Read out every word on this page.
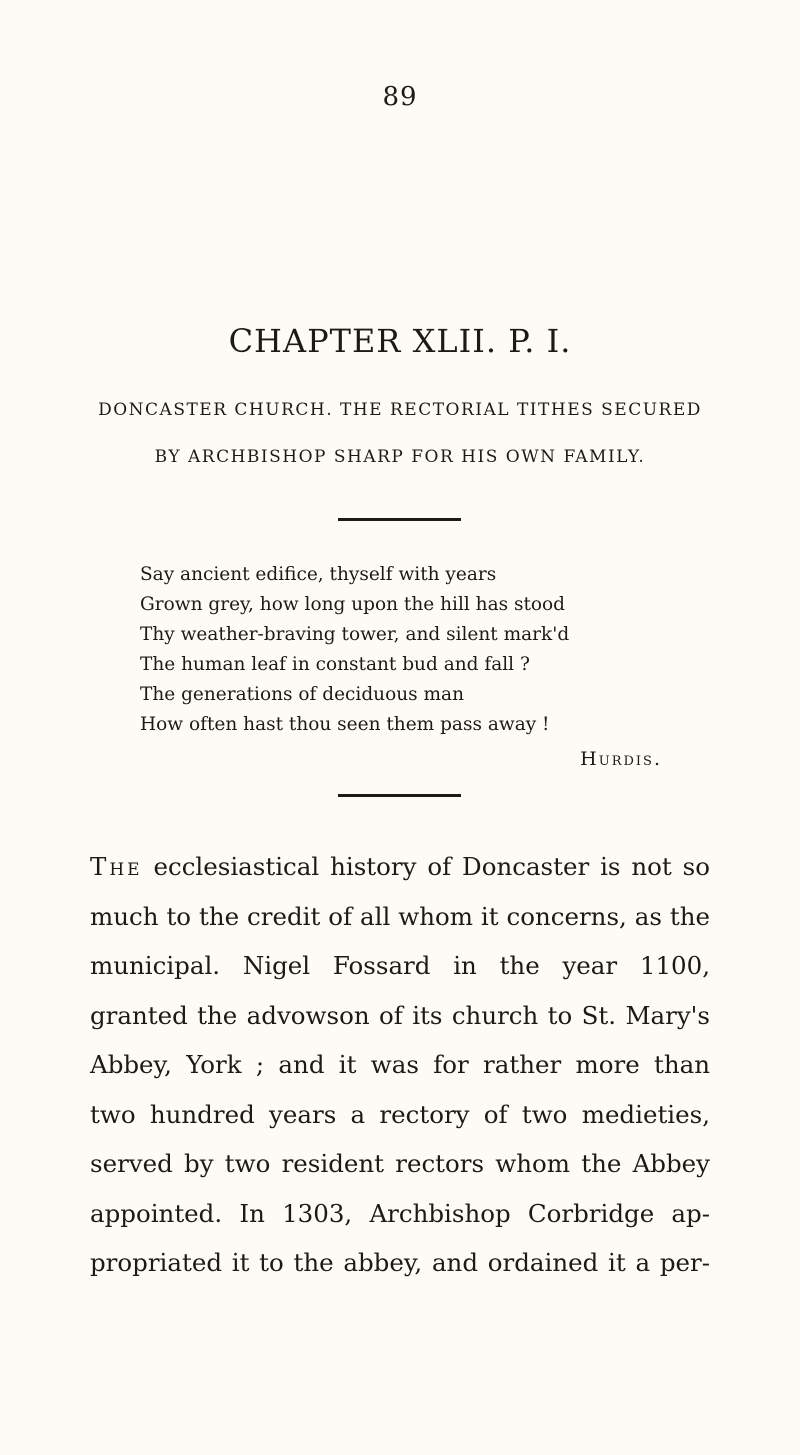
89
CHAPTER XLII. P. I.
DONCASTER CHURCH. THE RECTORIAL TITHES SECURED
BY ARCHBISHOP SHARP FOR HIS OWN FAMILY.
Say ancient edifice, thyself with years
Grown grey, how long upon the hill has stood
Thy weather-braving tower, and silent mark'd
The human leaf in constant bud and fall ?
The generations of deciduous man
How often hast thou seen them pass away !
Hurdis.
The ecclesiastical history of Doncaster is not so
much to the credit of all whom it concerns, as the
municipal. Nigel Fossard in the year 1100,
granted the advowson of its church to St. Mary's
Abbey, York ; and it was for rather more than
two hundred years a rectory of two medieties,
served by two resident rectors whom the Abbey
appointed. In 1303, Archbishop Corbridge ap-
propriated it to the abbey, and ordained it a per-
